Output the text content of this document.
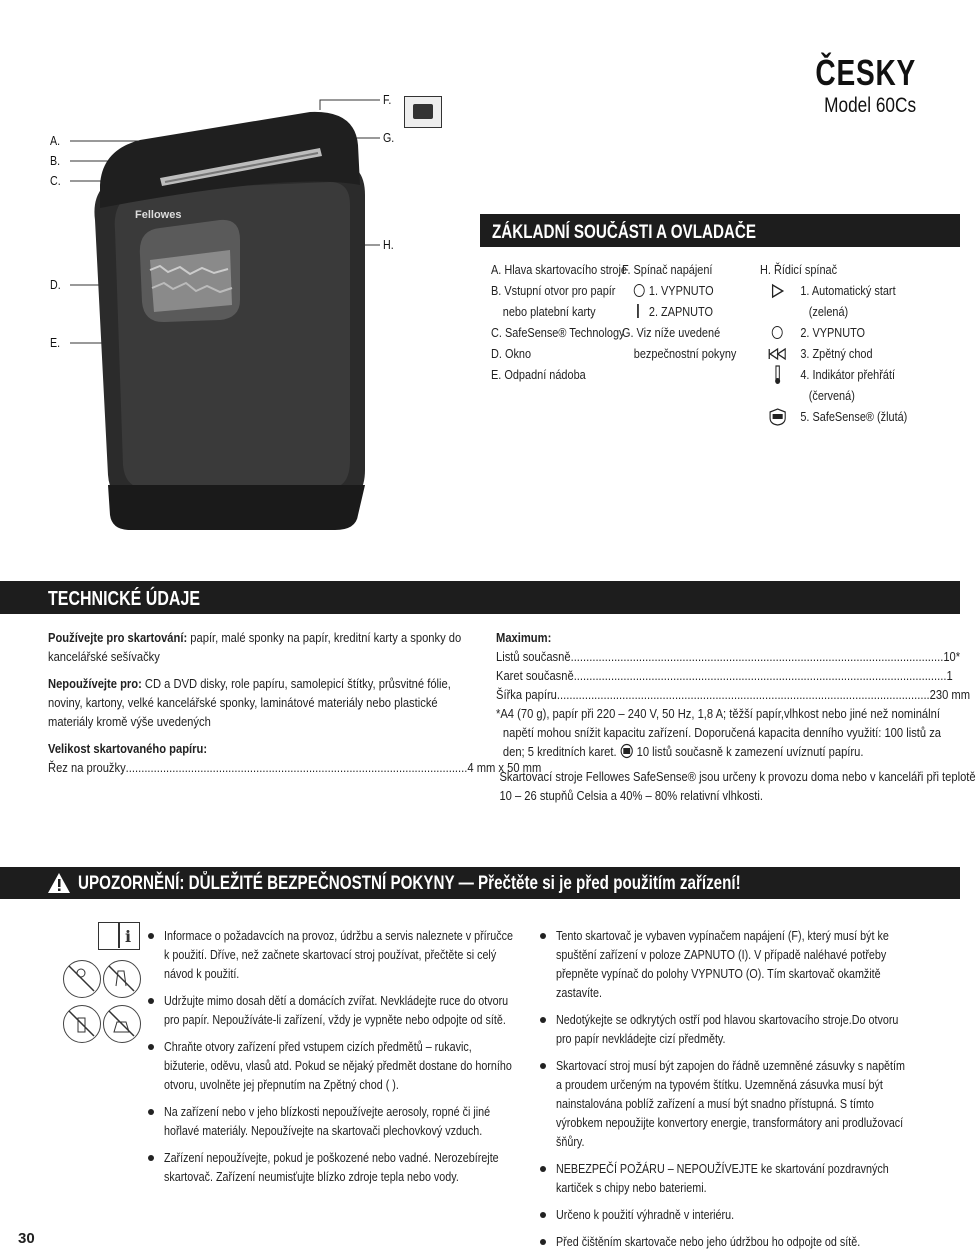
ČESKY
Model 60Cs
Fellowes
A.
B.
C.
D.
E.
F.
G.
H.
ZÁKLADNÍ SOUČÁSTI A OVLADAČE
A. Hlava skartovacího stroje
B. Vstupní otvor pro papír
nebo platební karty
C. SafeSense® Technology
D. Okno
E. Odpadní nádoba
F. Spínač napájení
1. VYPNUTO
2. ZAPNUTO
G. Viz níže uvedené
bezpečnostní pokyny
H. Řídicí spínač
1. Automatický start
(zelená)
2. VYPNUTO
3. Zpětný chod
4. Indikátor přehřátí
(červená)
5. SafeSense® (žlutá)
TECHNICKÉ ÚDAJE
Používejte pro skartování: papír, malé sponky na papír, kreditní karty a sponky do
kancelářské sešívačky
Nepoužívejte pro: CD a DVD disky, role papíru, samolepicí štítky, průsvitné fólie,
noviny, kartony, velké kancelářské sponky, laminátové materiály nebo plastické
materiály kromě výše uvedených
Velikost skartovaného papíru:
Řez na proužky .............................................................................................................. 4 mm x 50 mm
Maximum:
Listů současně ........................................................................................................................ 10*
Karet současně ........................................................................................................................ 1
Šířka papíru ........................................................................................................................ 230 mm
*A4 (70 g), papír při 220 – 240 V, 50 Hz, 1,8 A; těžší papír,vlhkost nebo jiné než nominální
napětí mohou snížit kapacitu zařízení. Doporučená kapacita denního využití: 100 listů za
den; 5 kreditních karet. 10 listů současně k zamezení uvíznutí papíru.
Skartovací stroje Fellowes SafeSense® jsou určeny k provozu doma nebo v kanceláři při teplotě
10 – 26 stupňů Celsia a 40% – 80% relativní vlhkosti.
UPOZORNĚNÍ: DŮLEŽITÉ BEZPEČNOSTNÍ POKYNY — Přečtěte si je před použitím zařízení!
i	Informace o požadavcích na provoz, údržbu a servis naleznete v příručce k použití. Dříve, než začnete skartovací stroj používat, přečtěte si celý návod k použití.
Udržujte mimo dosah dětí a domácích zvířat. Nevkládejte ruce do otvoru pro papír. Nepoužíváte-li zařízení, vždy je vypněte nebo odpojte od sítě.
Chraňte otvory zařízení před vstupem cizích předmětů – rukavic, bižuterie, oděvu, vlasů atd. Pokud se nějaký předmět dostane do horního otvoru, uvolněte jej přepnutím na Zpětný chod ( ).
Na zařízení nebo v jeho blízkosti nepoužívejte aerosoly, ropné či jiné hořlavé materiály. Nepoužívejte na skartovači plechovkový vzduch.
Zařízení nepoužívejte, pokud je poškozené nebo vadné. Nerozebírejte skartovač. Zařízení neumisťujte blízko zdroje tepla nebo vody.
Tento skartovač je vybaven vypínačem napájení (F), který musí být ke spuštění zařízení v poloze ZAPNUTO (I). V případě naléhavé potřeby přepněte vypínač do polohy VYPNUTO (O). Tím skartovač okamžitě zastavíte.
Nedotýkejte se odkrytých ostří pod hlavou skartovacího stroje.Do otvoru pro papír nevkládejte cizí předměty.
Skartovací stroj musí být zapojen do řádně uzemněné zásuvky s napětím a proudem určeným na typovém štítku. Uzemněná zásuvka musí být nainstalována poblíž zařízení a musí být snadno přístupná. S tímto výrobkem nepoužijte konvertory energie, transformátory ani prodlužovací šňůry.
NEBEZPEČÍ POŽÁRU – NEPOUŽÍVEJTE ke skartování pozdravných kartiček s chipy nebo bateriemi.
Určeno k použití výhradně v interiéru.
Před čištěním skartovače nebo jeho údržbou ho odpojte od sítě.
30
